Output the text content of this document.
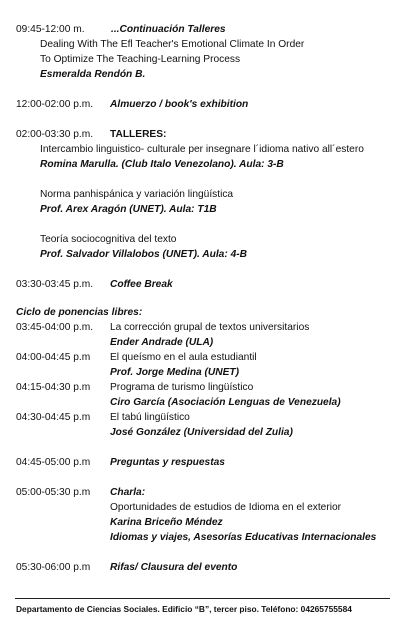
09:45-12:00 m.	...Continuación Talleres
Dealing With The Efl Teacher's Emotional Climate In Order
To Optimize The Teaching-Learning Process
Esmeralda Rendón B.
12:00-02:00 p.m. Almuerzo / book's exhibition
02:00-03:30 p.m. TALLERES:
Intercambio linguistico- culturale per insegnare l´idioma nativo all´estero
Romina Marulla. (Club Italo Venezolano). Aula: 3-B
Norma panhispánica y variación lingüística
Prof. Arex Aragón (UNET). Aula: T1B
Teoría sociocognitiva del texto
Prof. Salvador Villalobos (UNET). Aula: 4-B
03:30-03:45 p.m. Coffee Break
Ciclo de ponencias libres:
03:45-04:00 p.m. La corrección grupal de textos universitarios
Ender Andrade (ULA)
04:00-04:45 p.m El queísmo en el aula estudiantil
Prof. Jorge Medina (UNET)
04:15-04:30 p.m Programa de turismo lingüístico
Ciro García (Asociación Lenguas de Venezuela)
04:30-04:45 p.m El tabú lingüístico
José González (Universidad del Zulia)
04:45-05:00 p.m Preguntas y respuestas
05:00-05:30 p.m Charla:
Oportunidades de estudios de Idioma en el exterior
Karina Briceño Méndez
Idiomas y viajes, Asesorías Educativas Internacionales
05:30-06:00 p.m Rifas/ Clausura del evento
Departamento de Ciencias Sociales. Edificio “B”, tercer piso. Teléfono: 04265755584
